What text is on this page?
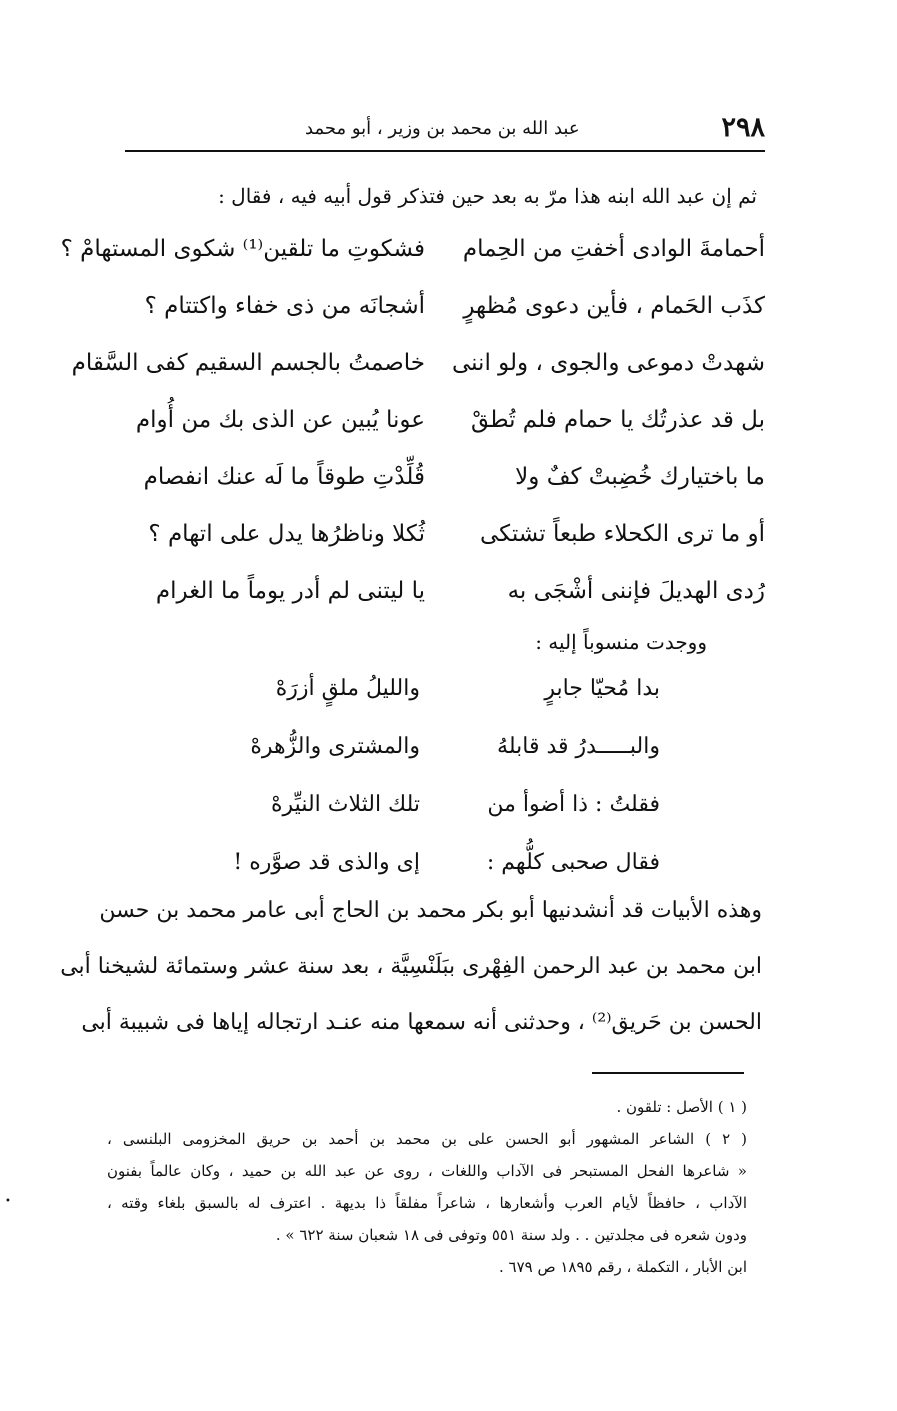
٢٩٨
عبد الله بن محمد بن وزير ، أبو محمد
ثم إن عبد الله ابنه هذا مرّ به بعد حين فتذكر قول أبيه فيه ، فقال :
أحمامةَ الوادى أخفتِ من الحِمام
فشكوتِ ما تلقين⁽¹⁾ شكوى المستهامْ ؟
كذَب الحَمام ، فأين دعوى مُظهرٍ
أشجانَه من ذى خفاء واكتتام ؟
شهدتْ دموعى والجوى ، ولو اننى
خاصمتُ بالجسم السقيم كفى السَّقام
بل قد عذرتُك يا حمام فلم تُطقْ
عونا يُبين عن الذى بك من أُوام
ما باختيارك خُضِبتْ كفٌ ولا
قُلِّدْتِ طوقاً ما لَه عنك انفصام
أو ما ترى الكحلاء طبعاً تشتكى
ثُكلا وناظرُها يدل على اتهام ؟
رُدى الهديلَ فإننى أشْجَى به
يا ليتنى لم أدر يوماً ما الغرام
ووجدت منسوباً إليه :
بدا مُحيّا جابرٍ
والليلُ ملقٍ أزرَهْ
والبـــــدرُ قد قابلهُ
والمشترى والزُّهرهْ
فقلتُ : ذا أضوأ من
تلك الثلاث النيِّرهْ
فقال صحبى كلُّهم :
إى والذى قد صوَّره !
وهذه الأبيات قد أنشدنيها أبو بكر محمد بن الحاج أبى عامر محمد بن حسن
ابن محمد بن عبد الرحمن الفِهْرى ببَلَنْسِيَّة ، بعد سنة عشر وستمائة لشيخنا أبى
الحسن بن حَريق⁽²⁾ ، وحدثنى أنه سمعها منه عنـد ارتجاله إياها فى شبيبة أبى
( ١ ) الأصل : تلقون .
( ٢ ) الشاعر المشهور أبو الحسن على بن محمد بن أحمد بن حريق المخزومى البلنسى ،
« شاعرها الفحل المستبحر فى الآداب واللغات ، روى عن عبد الله بن حميد ، وكان عالماً بفنون
الآداب ، حافظاً لأيام العرب وأشعارها ، شاعراً مفلقاً ذا بديهة . اعترف له بالسبق بلغاء وقته ،
ودون شعره فى مجلدتين . . ولد سنة ٥٥١ وتوفى فى ١٨ شعبان سنة ٦٢٢ » .
ابن الأبار ، التكملة ، رقم ١٨٩٥ ص ٦٧٩ .
•
